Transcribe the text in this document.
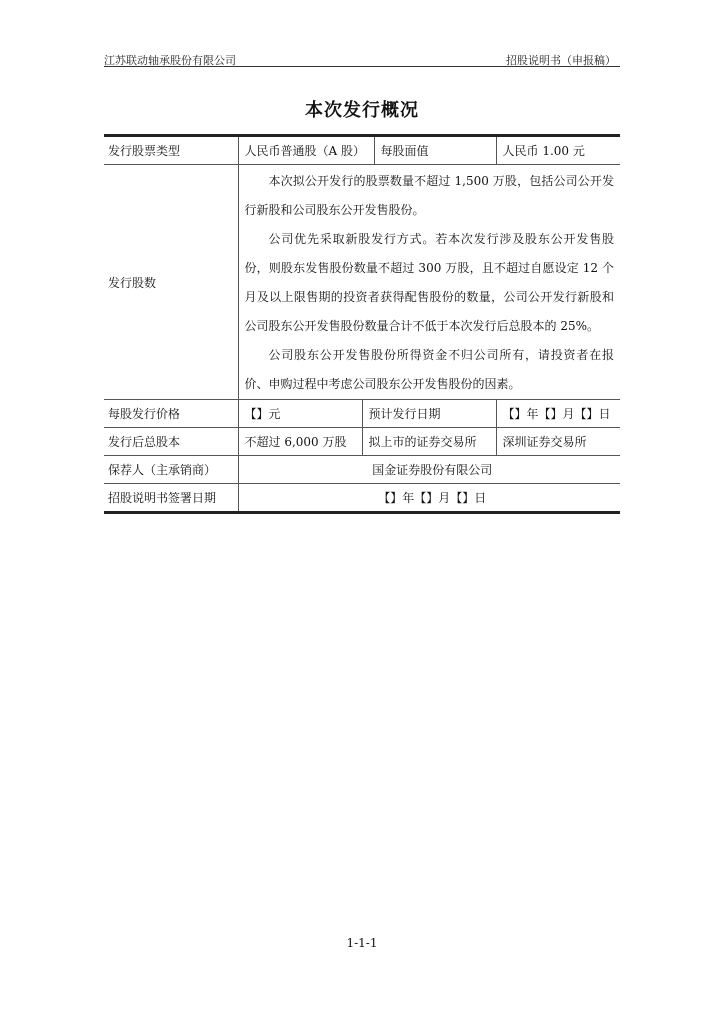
江苏联动轴承股份有限公司	招股说明书（申报稿）
本次发行概况
发行股票类型	人民币普通股（A 股）		每股面值	人民币 1.00 元
发行股数	本次拟公开发行的股票数量不超过 1,500 万股，包括公司公开发行新股和公司股东公开发售股份。

公司优先采取新股发行方式。若本次发行涉及股东公开发售股份，则股东发售股份数量不超过 300 万股，且不超过自愿设定 12 个月及以上限售期的投资者获得配售股份的数量，公司公开发行新股和公司股东公开发售股份数量合计不低于本次发行后总股本的 25%。

公司股东公开发售股份所得资金不归公司所有，请投资者在报价、申购过程中考虑公司股东公开发售股份的因素。			

每股发行价格	【】元	预计发行日期		【】年【】月【】日
发行后总股本	不超过 6,000 万股	拟上市的证券交易所		深圳证券交易所
保荐人（主承销商）	国金证券股份有限公司			
招股说明书签署日期	【】年【】月【】日			
1-1-1
